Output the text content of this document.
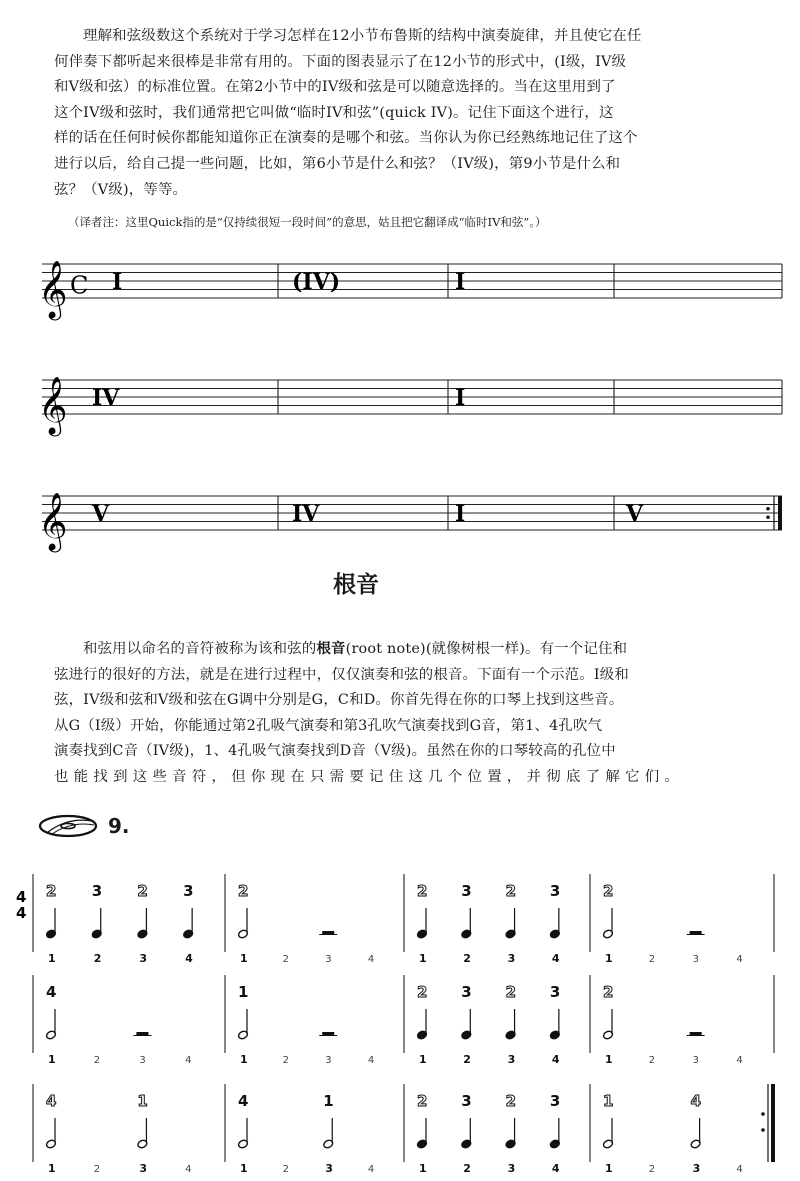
理解和弦级数这个系统对于学习怎样在12小节布鲁斯的结构中演奏旋律，并且使它在任
何伴奏下都听起来很棒是非常有用的。下面的图表显示了在12小节的形式中，(I级，IV级
和V级和弦）的标准位置。在第2小节中的IV级和弦是可以随意选择的。当在这里用到了
这个IV级和弦时，我们通常把它叫做“临时IV和弦”(quick IV)。记住下面这个进行，这
样的话在任何时候你都能知道你正在演奏的是哪个和弦。当你认为你已经熟练地记住了这个
进行以后，给自己提一些问题，比如，第6小节是什么和弦？（IV级)，第9小节是什么和
弦？（V级)，等等。

（译者注：这里Quick指的是“仅持续很短一段时间”的意思，姑且把它翻译成“临时IV和弦”。）

𝄞 C I	(IV)	I
𝄞 IV	I
𝄞 V	IV	I	V
根音
和弦用以命名的音符被称为该和弦的根音(root note)(就像树根一样)。有一个记住和
弦进行的很好的方法，就是在进行过程中，仅仅演奏和弦的根音。下面有一个示范。I级和
弦，IV级和弦和V级和弦在G调中分别是G，C和D。你首先得在你的口琴上找到这些音。
从G（I级）开始，你能通过第2孔吸气演奏和第3孔吹气演奏找到G音，第1、4孔吹气
演奏找到C音（IV级)，1、4孔吸气演奏找到D音（V级)。虽然在你的口琴较高的孔位中
也能找到这些音符，但你现在只需要记住这几个位置，并彻底了解它们。
9.
4
4
1	2	3	4
2 3 2 3
1	2	3	4
2
1	2	3	4
2 3 2 3
1	2	3	4
2
1	2	3	4
4
1	2	3	4
1
1	2	3	4
2 3 2 3
1	2	3	4
2
1	2	3	4
4	1
1	2	3	4
4	1
1	2	3	4
2 3 2 3
1	2	3	4
1	4
